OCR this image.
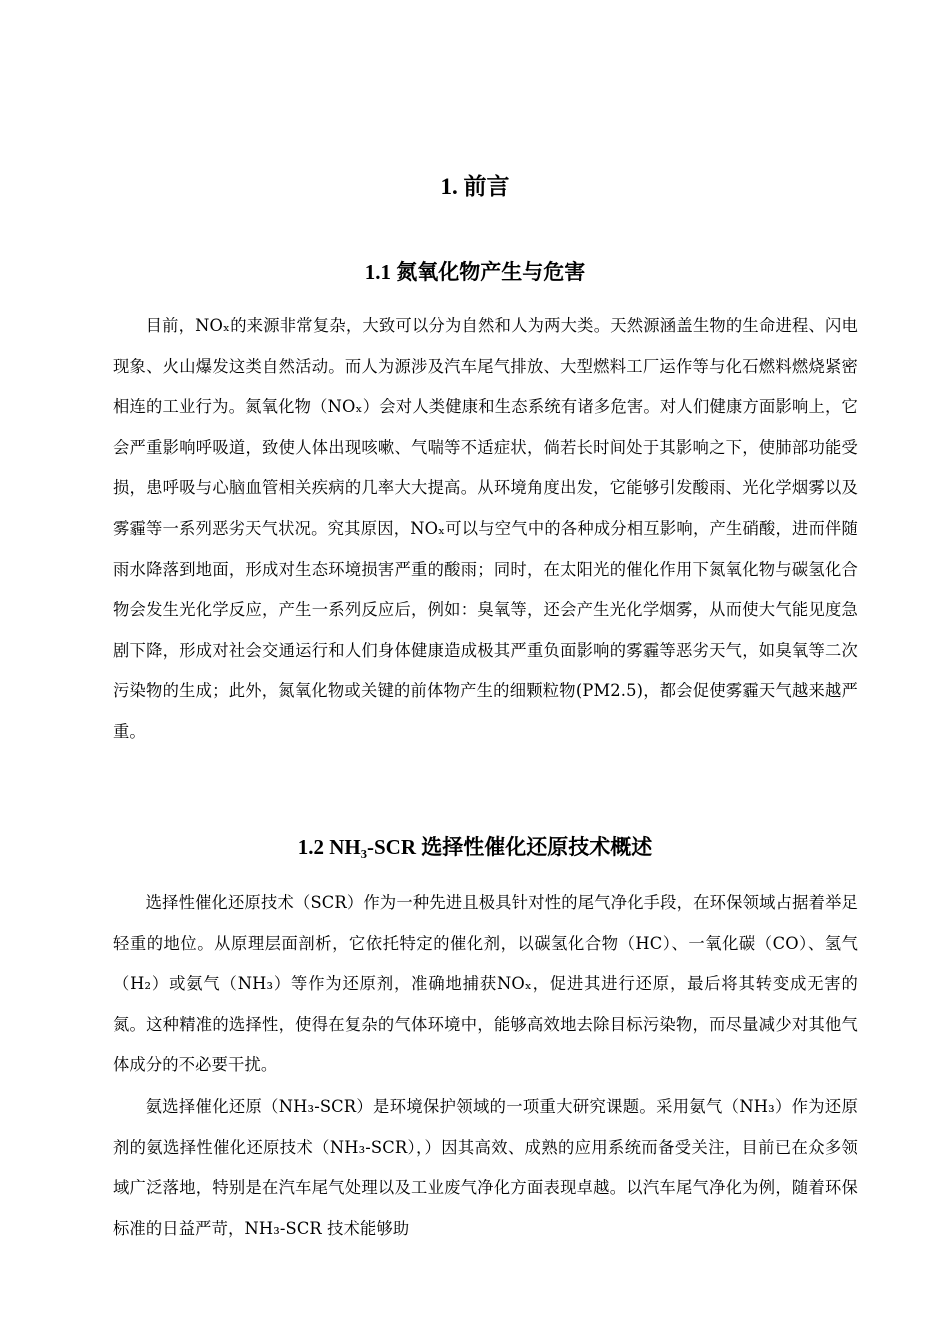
1. 前言
1.1 氮氧化物产生与危害
目前，NOₓ的来源非常复杂，大致可以分为自然和人为两大类。天然源涵盖生物的生命进程、闪电现象、火山爆发这类自然活动。而人为源涉及汽车尾气排放、大型燃料工厂运作等与化石燃料燃烧紧密相连的工业行为。氮氧化物（NOₓ）会对人类健康和生态系统有诸多危害。对人们健康方面影响上，它会严重影响呼吸道，致使人体出现咳嗽、气喘等不适症状，倘若长时间处于其影响之下，使肺部功能受损，患呼吸与心脑血管相关疾病的几率大大提高。从环境角度出发，它能够引发酸雨、光化学烟雾以及雾霾等一系列恶劣天气状况。究其原因，NOₓ可以与空气中的各种成分相互影响，产生硝酸，进而伴随雨水降落到地面，形成对生态环境损害严重的酸雨；同时，在太阳光的催化作用下氮氧化物与碳氢化合物会发生光化学反应，产生一系列反应后，例如：臭氧等，还会产生光化学烟雾，从而使大气能见度急剧下降，形成对社会交通运行和人们身体健康造成极其严重负面影响的雾霾等恶劣天气，如臭氧等二次污染物的生成；此外，氮氧化物或关键的前体物产生的细颗粒物(PM2.5)，都会促使雾霾天气越来越严重。
1.2 NH₃-SCR 选择性催化还原技术概述
选择性催化还原技术（SCR）作为一种先进且极具针对性的尾气净化手段，在环保领域占据着举足轻重的地位。从原理层面剖析，它依托特定的催化剂，以碳氢化合物（HC）、一氧化碳（CO）、氢气（H₂）或氨气（NH₃）等作为还原剂，准确地捕获NOₓ，促进其进行还原，最后将其转变成无害的氮。这种精准的选择性，使得在复杂的气体环境中，能够高效地去除目标污染物，而尽量减少对其他气体成分的不必要干扰。
氨选择催化还原（NH₃-SCR）是环境保护领域的一项重大研究课题。采用氨气（NH₃）作为还原剂的氨选择性催化还原技术（NH₃-SCR），）因其高效、成熟的应用系统而备受关注，目前已在众多领域广泛落地，特别是在汽车尾气处理以及工业废气净化方面表现卓越。以汽车尾气净化为例，随着环保标准的日益严苛，NH₃-SCR 技术能够助
